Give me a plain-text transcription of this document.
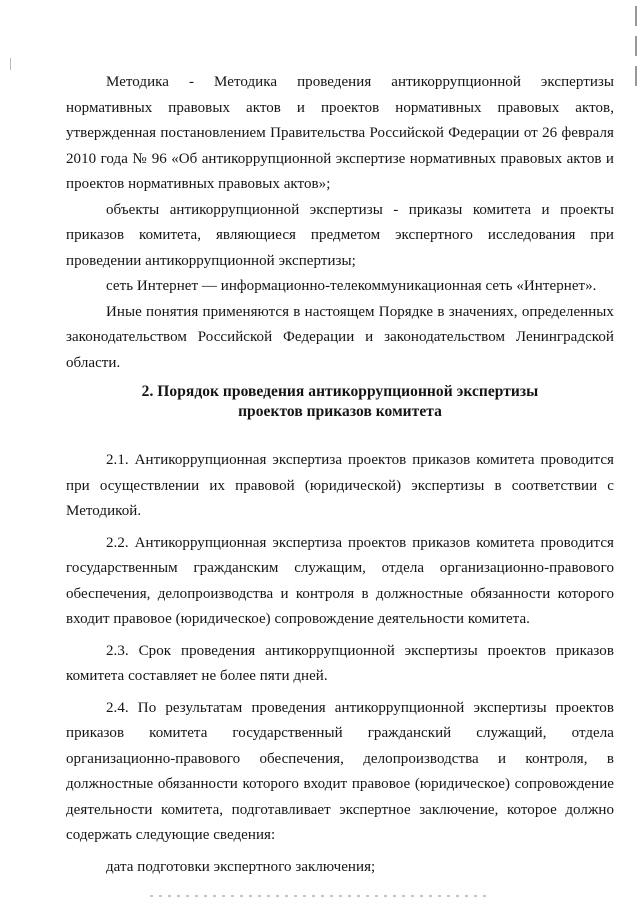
Методика - Методика проведения антикоррупционной экспертизы нормативных правовых актов и проектов нормативных правовых актов, утвержденная постановлением Правительства Российской Федерации от 26 февраля 2010 года № 96 «Об антикоррупционной экспертизе нормативных правовых актов и проектов нормативных правовых актов»;

объекты антикоррупционной экспертизы - приказы комитета и проекты приказов комитета, являющиеся предметом экспертного исследования при проведении антикоррупционной экспертизы;

сеть Интернет — информационно-телекоммуникационная сеть «Интернет».

Иные понятия применяются в настоящем Порядке в значениях, определенных законодательством Российской Федерации и законодательством Ленинградской области.

2. Порядок проведения антикоррупционной экспертизы
проектов приказов комитета

2.1. Антикоррупционная экспертиза проектов приказов комитета проводится при осуществлении их правовой (юридической) экспертизы в соответствии с Методикой.

2.2. Антикоррупционная экспертиза проектов приказов комитета проводится государственным гражданским служащим, отдела организационно-правового обеспечения, делопроизводства и контроля в должностные обязанности которого входит правовое (юридическое) сопровождение деятельности комитета.

2.3. Срок проведения антикоррупционной экспертизы проектов приказов комитета составляет не более пяти дней.

2.4. По результатам проведения антикоррупционной экспертизы проектов приказов комитета государственный гражданский служащий, отдела организационно-правового обеспечения, делопроизводства и контроля, в должностные обязанности которого входит правовое (юридическое) сопровождение деятельности комитета, подготавливает экспертное заключение, которое должно содержать следующие сведения:

дата подготовки экспертного заключения;
